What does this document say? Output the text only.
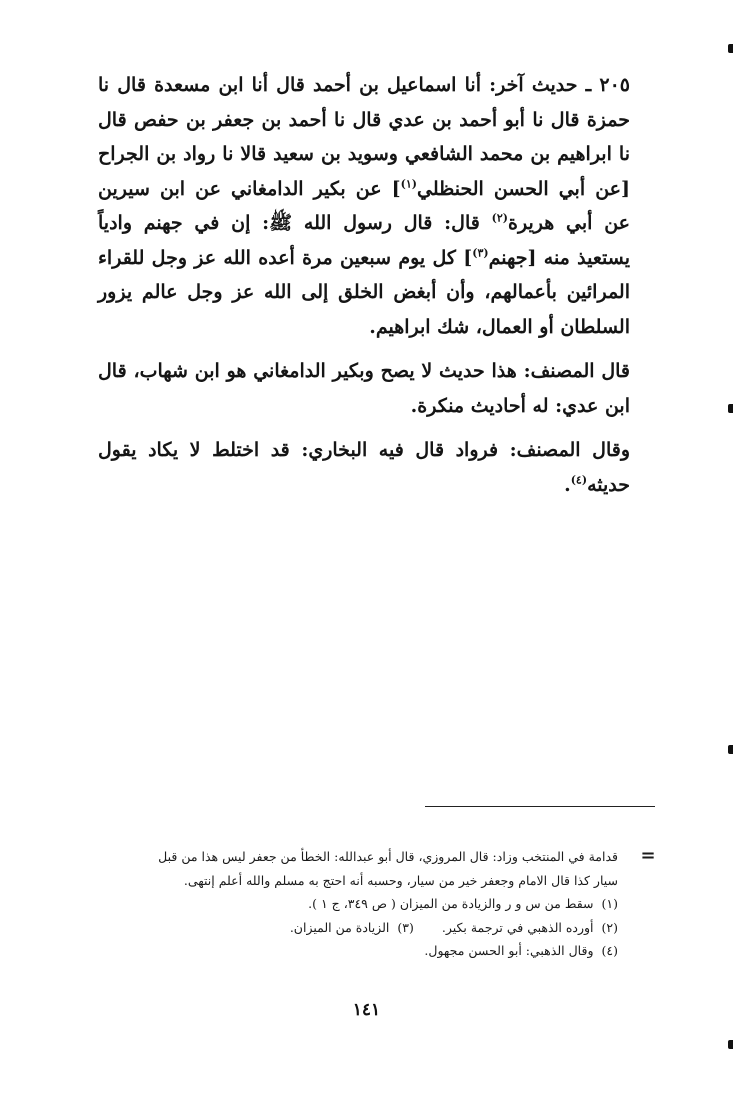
٢٠٥ ـ حديث آخر: أنا اسماعيل بن أحمد قال أنا ابن مسعدة قال نا حمزة قال نا أبو أحمد بن عدي قال نا أحمد بن جعفر بن حفص قال نا ابراهيم بن محمد الشافعي وسويد بن سعيد قالا نا رواد بن الجراح [عن أبي الحسن الحنظلي$^{(١)}$] عن بكير الدامغاني عن ابن سيرين عن أبي هريرة$^{(٢)}$ قال: قال رسول الله ﷺ: إن في جهنم وادياً يستعيذ منه [جهنم$^{(٣)}$] كل يوم سبعين مرة أعده الله عز وجل للقراء المرائين بأعمالهم، وأن أبغض الخلق إلى الله عز وجل عالم يزور السلطان أو العمال، شك ابراهيم.

قال المصنف: هذا حديث لا يصح وبكير الدامغاني هو ابن شهاب، قال ابن عدي: له أحاديث منكرة.

وقال المصنف: فرواد قال فيه البخاري: قد اختلط لا يكاد يقول حديثه$^{(٤)}$.

=قدامة في المنتخب وزاد: قال المروزي، قال أبو عبدالله: الخطأ من جعفر ليس هذا من قبل
سيار كذا قال الامام وجعفر خير من سيار، وحسبه أنه احتج به مسلم والله أعلم إنتهى.
(١)سقط من س و ر والزيادة من الميزان ( ص ٣٤٩، ج ١ ).
(٢)أورده الذهبي في ترجمة بكير.(٣)الزيادة من الميزان.
(٤)وقال الذهبي: أبو الحسن مجهول.
١٤١
